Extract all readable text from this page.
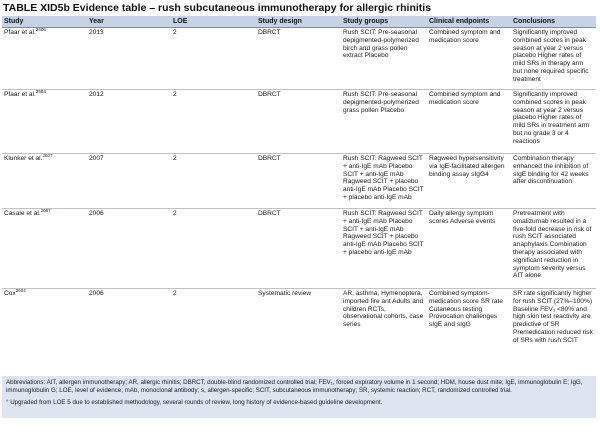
TABLE XID5b Evidence table – rush subcutaneous immunotherapy for allergic rhinitis
Study	Year	LOE	Study design	Study groups	Clinical endpoints	Conclusions
Pfaar et al.$^{2606}$	2013	2	DBRCT	Rush SCIT: Pre-seasonal depigmented-polymerized birch and grass pollen extract Placebo	Combined symptom and medication score	Significantly improved combined scores in peak season at year 2 versus placebo Higher rates of mild SRs in therapy arm but none required specific treatment
Pfaar et al.$^{2584}$	2012	2	DBRCT	Rush SCIT: Pre-seasonal depigmented-polymerized grass pollen Placebo	Combined symptom and medication score	Significantly improved combined scores in peak season at year 2 versus placebo Higher rates of mild SRs in treatment arm but no grade 3 or 4 reactions
Klunker et al.$^{2607}$	2007	2	DBRCT	Rush SCIT: Ragweed SCIT + anti-IgE mAb Placebo SCIT + anti-IgE mAb Ragweed SCIT + placebo anti-IgE mAb Placebo SCIT + placebo anti-IgE mAb	Ragweed hypersensitivity via IgE-facilitated allergen binding assay sIgG4	Combination therapy enhanced the inhibition of sIgE binding for 42 weeks after discontinuation
Casale et al.$^{2087}$	2006	2	DBRCT	Rush SCIT: Ragweed SCIT + anti-IgE mAb Placebo SCIT + anti-IgE mAb Ragweed SCIT + placebo anti-IgE mAb Placebo SCIT + placebo anti-IgE mAb	Daily allergy symptom scores Adverse events	Pretreatment with omalizumab resulted in a five-fold decrease in risk of rush SCIT associated anaphylaxis Combination therapy associated with significant reduction in symptom severity versus AIT alone
Cox$^{2604}$	2006	2	Systematic review	AR, asthma, Hymenoptera, imported fire ant Adults and children RCTs, observational cohorts, case series	Combined symptom-medication score SR rate Cutaneous testing Provocation challenges sIgE and sIgG	SR rate significantly higher for rush SCIT (27%–100%) Baseline FEV₁ <80% and high skin test reactivity are predictive of SR Premedication reduced risk of SRs with rush SCIT
Abbreviations: AIT, allergen immunotherapy; AR, allergic rhinitis; DBRCT, double-blind randomized controlled trial; FEV₁, forced expiratory volume in 1 second; HDM, house dust mite; IgE, immunoglobulin E; IgG, immunoglobulin G; LOE, level of evidence; mAb, monoclonal antibody; s, allergen-specific; SCIT, subcutaneous immunotherapy; SR, systemic reaction; RCT, randomized controlled trial.
° Upgraded from LOE 5 due to established methodology, several rounds of review, long history of evidence-based guideline development.
